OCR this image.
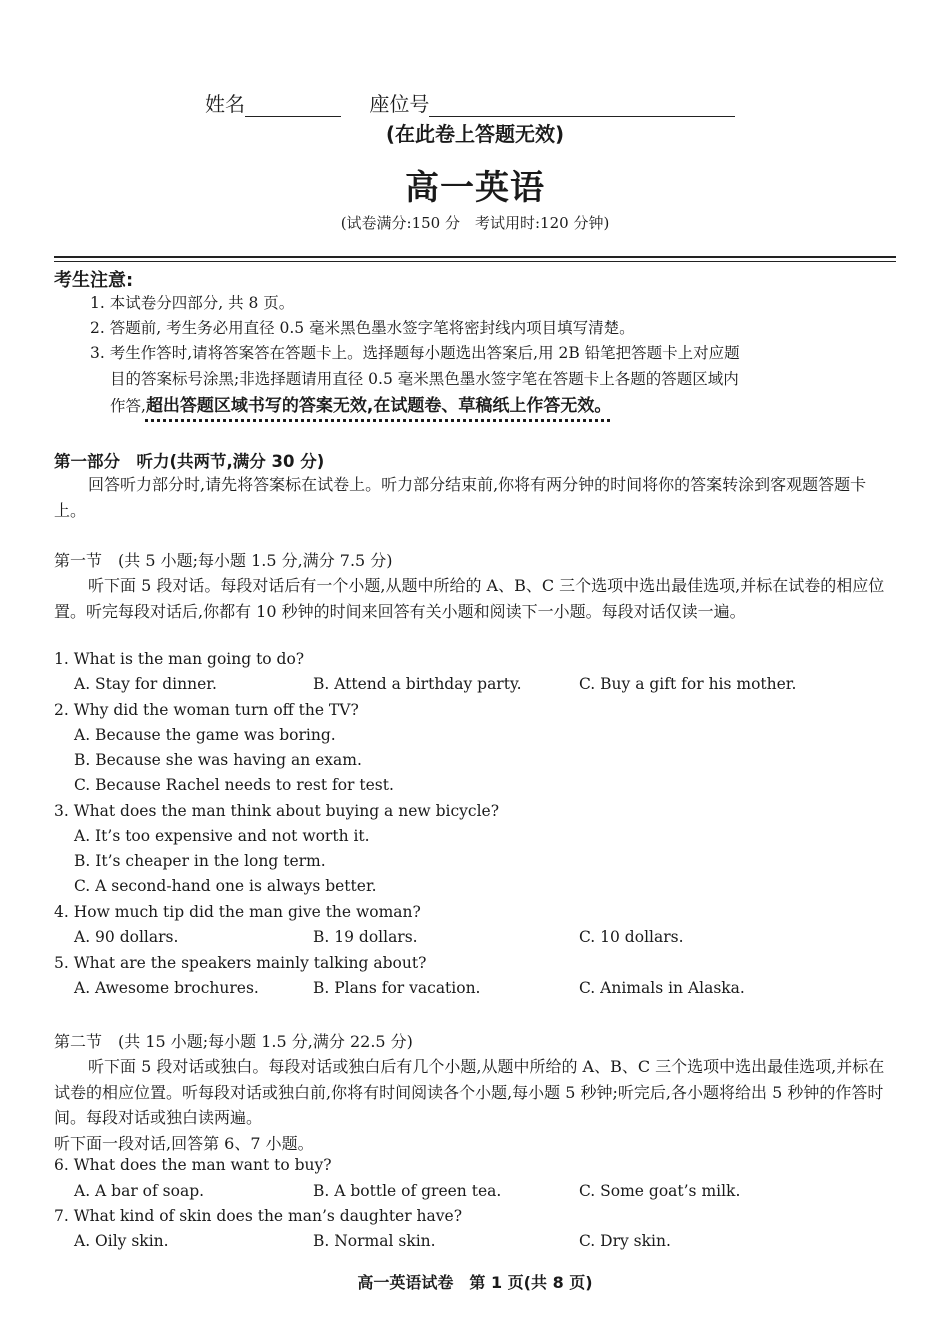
姓名	座位号
(在此卷上答题无效)
高一英语
(试卷满分:150 分　考试用时:120 分钟)
考生注意:
1. 本试卷分四部分, 共 8 页。
2. 答题前, 考生务必用直径 0.5 毫米黑色墨水签字笔将密封线内项目填写清楚。
3. 考生作答时,请将答案答在答题卡上。选择题每小题选出答案后,用 2B 铅笔把答题卡上对应题
目的答案标号涂黑;非选择题请用直径 0.5 毫米黑色墨水签字笔在答题卡上各题的答题区域内
作答,超出答题区域书写的答案无效,在试题卷、草稿纸上作答无效。
第一部分　听力(共两节,满分 30 分)
回答听力部分时,请先将答案标在试卷上。听力部分结束前,你将有两分钟的时间将你的答案转涂到客观题答题卡上。
第一节　(共 5 小题;每小题 1.5 分,满分 7.5 分)
听下面 5 段对话。每段对话后有一个小题,从题中所给的 A、B、C 三个选项中选出最佳选项,并标在试卷的相应位置。听完每段对话后,你都有 10 秒钟的时间来回答有关小题和阅读下一小题。每段对话仅读一遍。
1. What is the man going to do?
A. Stay for dinner.	B. Attend a birthday party.	C. Buy a gift for his mother.
2. Why did the woman turn off the TV?
A. Because the game was boring.
B. Because she was having an exam.
C. Because Rachel needs to rest for test.
3. What does the man think about buying a new bicycle?
A. It’s too expensive and not worth it.
B. It’s cheaper in the long term.
C. A second-hand one is always better.
4. How much tip did the man give the woman?
A. 90 dollars.	B. 19 dollars.	C. 10 dollars.
5. What are the speakers mainly talking about?
A. Awesome brochures.	B. Plans for vacation.	C. Animals in Alaska.
第二节　(共 15 小题;每小题 1.5 分,满分 22.5 分)
听下面 5 段对话或独白。每段对话或独白后有几个小题,从题中所给的 A、B、C 三个选项中选出最佳选项,并标在试卷的相应位置。听每段对话或独白前,你将有时间阅读各个小题,每小题 5 秒钟;听完后,各小题将给出 5 秒钟的作答时间。每段对话或独白读两遍。
听下面一段对话,回答第 6、7 小题。
6. What does the man want to buy?
A. A bar of soap.	B. A bottle of green tea.	C. Some goat’s milk.
7. What kind of skin does the man’s daughter have?
A. Oily skin.	B. Normal skin.	C. Dry skin.
高一英语试卷　第 1 页(共 8 页)
